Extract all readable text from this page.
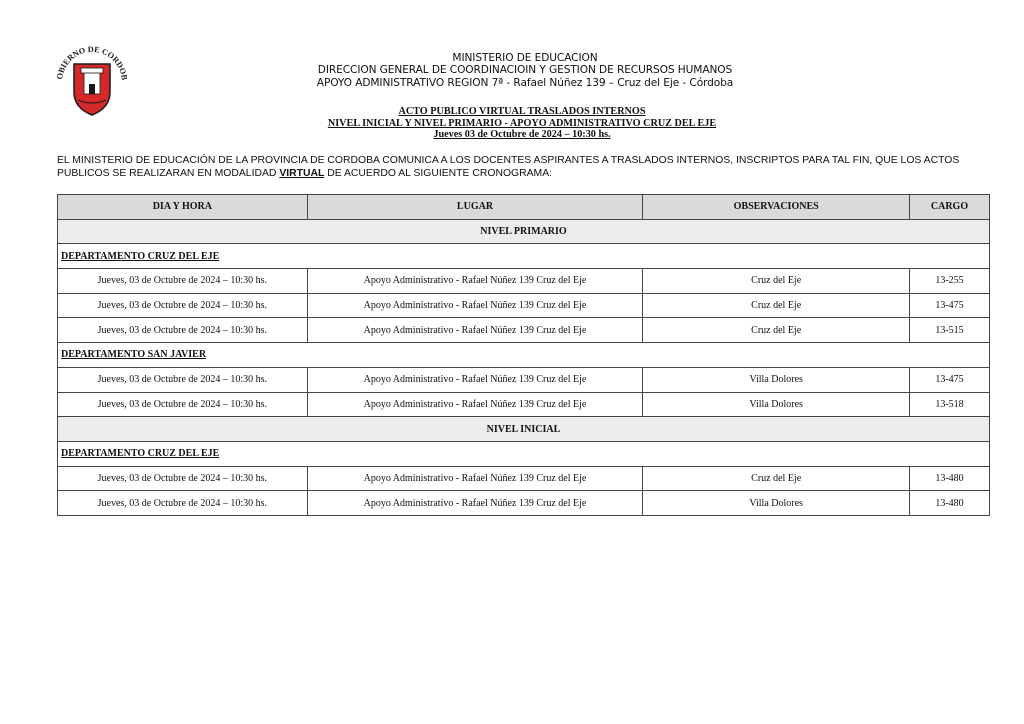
OBIERNO DE CORDOB
MINISTERIO DE EDUCACION
DIRECCION GENERAL DE COORDINACIOIN Y GESTION DE RECURSOS HUMANOS
APOYO ADMINISTRATIVO REGION 7ª - Rafael Núñez 139 – Cruz del Eje - Córdoba
ACTO PUBLICO VIRTUAL TRASLADOS INTERNOS
NIVEL INICIAL Y NIVEL PRIMARIO - APOYO ADMINISTRATIVO CRUZ DEL EJE
Jueves 03 de Octubre de 2024 – 10:30 hs.
EL MINISTERIO DE EDUCACIÓN DE LA PROVINCIA DE CORDOBA COMUNICA A LOS DOCENTES ASPIRANTES A TRASLADOS INTERNOS, INSCRIPTOS PARA TAL FIN, QUE LOS ACTOS PUBLICOS SE REALIZARAN EN MODALIDAD VIRTUAL DE ACUERDO AL SIGUIENTE CRONOGRAMA:
DIA Y HORA	LUGAR	OBSERVACIONES	CARGO
NIVEL PRIMARIO			
DEPARTAMENTO CRUZ DEL EJE			
Jueves, 03 de Octubre de 2024 – 10:30 hs.	Apoyo Administrativo - Rafael Núñez 139 Cruz del Eje	Cruz del Eje	13-255
Jueves, 03 de Octubre de 2024 – 10:30 hs.	Apoyo Administrativo - Rafael Núñez 139 Cruz del Eje	Cruz del Eje	13-475
Jueves, 03 de Octubre de 2024 – 10:30 hs.	Apoyo Administrativo - Rafael Núñez 139 Cruz del Eje	Cruz del Eje	13-515
DEPARTAMENTO SAN JAVIER			
Jueves, 03 de Octubre de 2024 – 10:30 hs.	Apoyo Administrativo - Rafael Núñez 139 Cruz del Eje	Villa Dolores	13-475
Jueves, 03 de Octubre de 2024 – 10:30 hs.	Apoyo Administrativo - Rafael Núñez 139 Cruz del Eje	Villa Dolores	13-518
NIVEL INICIAL			
DEPARTAMENTO CRUZ DEL EJE			
Jueves, 03 de Octubre de 2024 – 10:30 hs.	Apoyo Administrativo - Rafael Núñez 139 Cruz del Eje	Cruz del Eje	13-480
Jueves, 03 de Octubre de 2024 – 10:30 hs.	Apoyo Administrativo - Rafael Núñez 139 Cruz del Eje	Villa Dolores	13-480
